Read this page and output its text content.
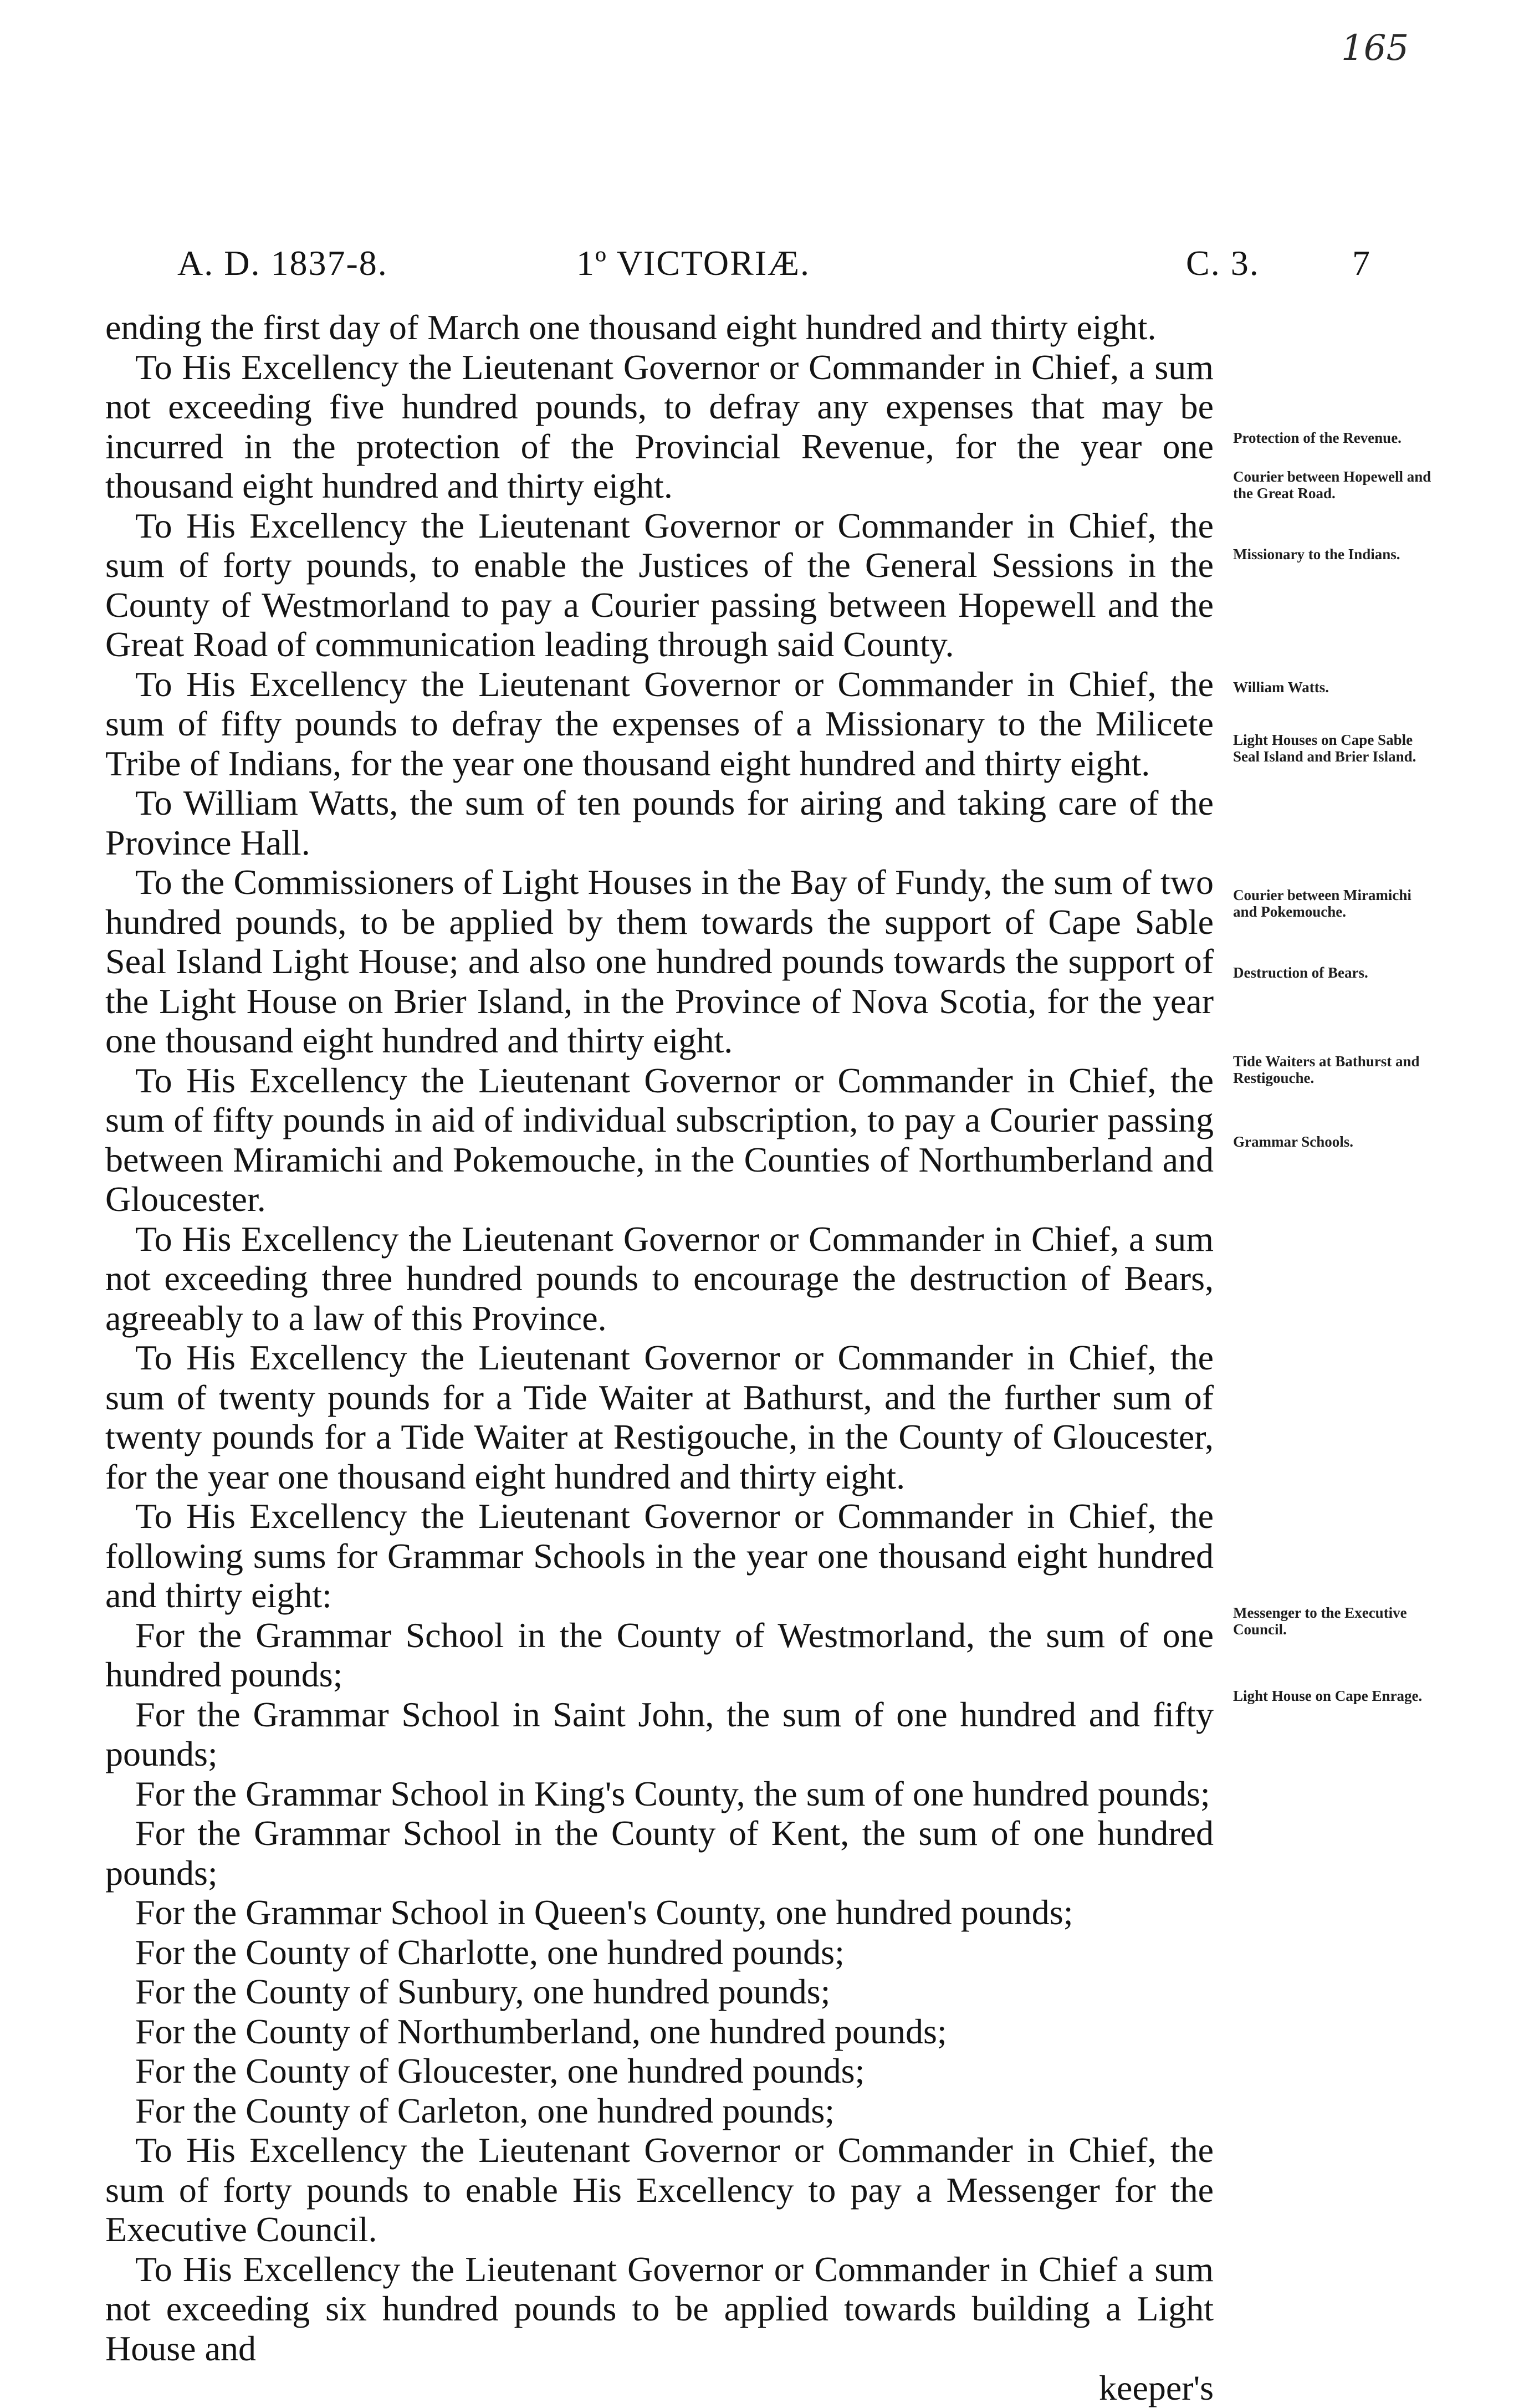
165
A. D. 1837-8.	1º VICTORIÆ.	C. 3.	7

ending the first day of March one thousand eight hundred and thirty eight.

To His Excellency the Lieutenant Governor or Commander in Chief, a sum not exceeding five hundred pounds, to defray any expenses that may be incurred in the protection of the Provincial Revenue, for the year one thousand eight hundred and thirty eight.

To His Excellency the Lieutenant Governor or Commander in Chief, the sum of forty pounds, to enable the Justices of the General Sessions in the County of Westmorland to pay a Courier passing between Hopewell and the Great Road of communication leading through said County.

To His Excellency the Lieutenant Governor or Commander in Chief, the sum of fifty pounds to defray the expenses of a Missionary to the Milicete Tribe of Indians, for the year one thousand eight hundred and thirty eight.

To William Watts, the sum of ten pounds for airing and taking care of the Province Hall.

To the Commissioners of Light Houses in the Bay of Fundy, the sum of two hundred pounds, to be applied by them towards the support of Cape Sable Seal Island Light House; and also one hundred pounds towards the support of the Light House on Brier Island, in the Province of Nova Scotia, for the year one thousand eight hundred and thirty eight.

To His Excellency the Lieutenant Governor or Commander in Chief, the sum of fifty pounds in aid of individual subscription, to pay a Courier passing between Miramichi and Pokemouche, in the Counties of Northumberland and Gloucester.

To His Excellency the Lieutenant Governor or Commander in Chief, a sum not exceeding three hundred pounds to encourage the destruction of Bears, agreeably to a law of this Province.

To His Excellency the Lieutenant Governor or Commander in Chief, the sum of twenty pounds for a Tide Waiter at Bathurst, and the further sum of twenty pounds for a Tide Waiter at Restigouche, in the County of Gloucester, for the year one thousand eight hundred and thirty eight.

To His Excellency the Lieutenant Governor or Commander in Chief, the following sums for Grammar Schools in the year one thousand eight hundred and thirty eight:

For the Grammar School in the County of Westmorland, the sum of one hundred pounds;

For the Grammar School in Saint John, the sum of one hundred and fifty pounds;

For the Grammar School in King's County, the sum of one hundred pounds;

For the Grammar School in the County of Kent, the sum of one hundred pounds;

For the Grammar School in Queen's County, one hundred pounds;

For the County of Charlotte, one hundred pounds;

For the County of Sunbury, one hundred pounds;

For the County of Northumberland, one hundred pounds;

For the County of Gloucester, one hundred pounds;

For the County of Carleton, one hundred pounds;

To His Excellency the Lieutenant Governor or Commander in Chief, the sum of forty pounds to enable His Excellency to pay a Messenger for the Executive Council.

To His Excellency the Lieutenant Governor or Commander in Chief a sum not exceeding six hundred pounds to be applied towards building a Light House and

keeper's

Protection of the Revenue.
Courier between Hopewell and the Great Road.
Missionary to the Indians.
William Watts.
Light Houses on Cape Sable Seal Island and Brier Island.
Courier between Miramichi and Pokemouche.
Destruction of Bears.
Tide Waiters at Bathurst and Restigouche.
Grammar Schools.
Messenger to the Executive Council.
Light House on Cape Enrage.
